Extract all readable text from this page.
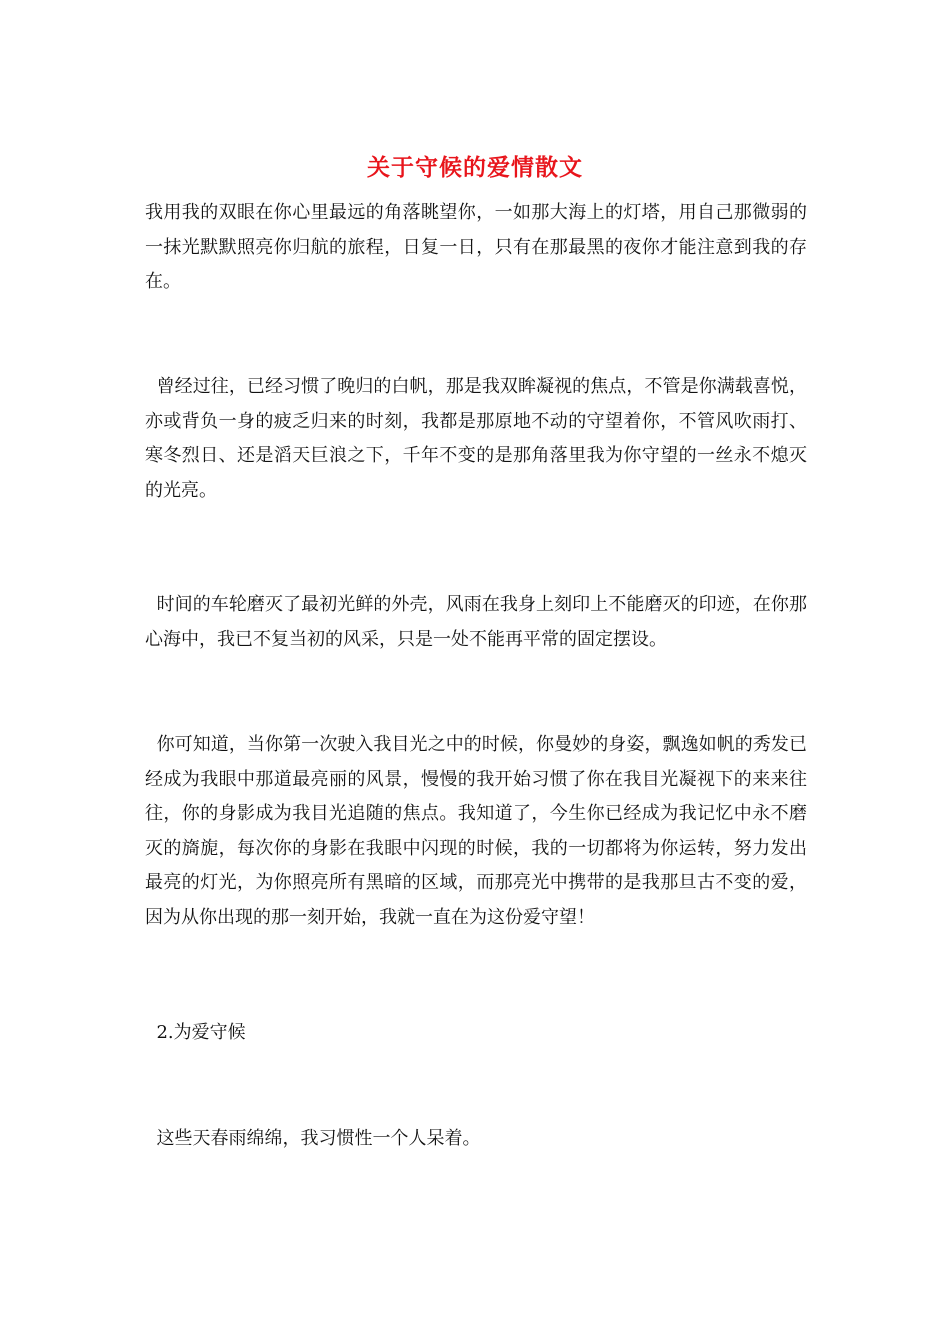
关于守候的爱情散文

我用我的双眼在你心里最远的角落眺望你，一如那大海上的灯塔，用自己那微弱的一抹光默默照亮你归航的旅程，日复一日，只有在那最黑的夜你才能注意到我的存在。

曾经过往，已经习惯了晚归的白帆，那是我双眸凝视的焦点，不管是你满载喜悦，亦或背负一身的疲乏归来的时刻，我都是那原地不动的守望着你，不管风吹雨打、寒冬烈日、还是滔天巨浪之下，千年不变的是那角落里我为你守望的一丝永不熄灭的光亮。

时间的车轮磨灭了最初光鲜的外壳，风雨在我身上刻印上不能磨灭的印迹，在你那心海中，我已不复当初的风采，只是一处不能再平常的固定摆设。

你可知道，当你第一次驶入我目光之中的时候，你曼妙的身姿，飘逸如帆的秀发已经成为我眼中那道最亮丽的风景，慢慢的我开始习惯了你在我目光凝视下的来来往往，你的身影成为我目光追随的焦点。我知道了，今生你已经成为我记忆中永不磨灭的旖旎，每次你的身影在我眼中闪现的时候，我的一切都将为你运转，努力发出最亮的灯光，为你照亮所有黑暗的区域，而那亮光中携带的是我那旦古不变的爱，因为从你出现的那一刻开始，我就一直在为这份爱守望！

2.为爱守候

这些天春雨绵绵，我习惯性一个人呆着。
